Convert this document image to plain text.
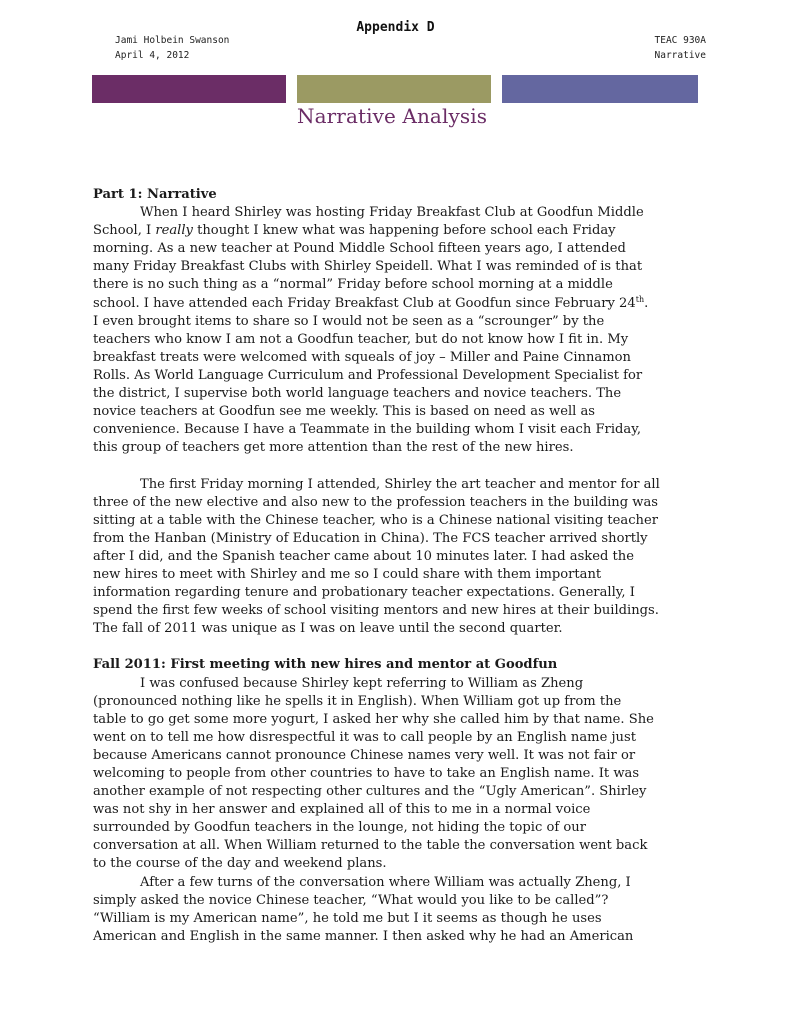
Appendix D
Jami Holbein Swanson
April 4, 2012
TEAC 930A
Narrative
Narrative Analysis
Part 1: Narrative
When I heard Shirley was hosting Friday Breakfast Club at Goodfun Middle
School, I really thought I knew what was happening before school each Friday
morning. As a new teacher at Pound Middle School fifteen years ago, I attended
many Friday Breakfast Clubs with Shirley Speidell. What I was reminded of is that
there is no such thing as a “normal” Friday before school morning at a middle
school. I have attended each Friday Breakfast Club at Goodfun since February 24th.
I even brought items to share so I would not be seen as a “scrounger” by the
teachers who know I am not a Goodfun teacher, but do not know how I fit in. My
breakfast treats were welcomed with squeals of joy – Miller and Paine Cinnamon
Rolls. As World Language Curriculum and Professional Development Specialist for
the district, I supervise both world language teachers and novice teachers. The
novice teachers at Goodfun see me weekly. This is based on need as well as
convenience. Because I have a Teammate in the building whom I visit each Friday,
this group of teachers get more attention than the rest of the new hires.
The first Friday morning I attended, Shirley the art teacher and mentor for all
three of the new elective and also new to the profession teachers in the building was
sitting at a table with the Chinese teacher, who is a Chinese national visiting teacher
from the Hanban (Ministry of Education in China). The FCS teacher arrived shortly
after I did, and the Spanish teacher came about 10 minutes later. I had asked the
new hires to meet with Shirley and me so I could share with them important
information regarding tenure and probationary teacher expectations. Generally, I
spend the first few weeks of school visiting mentors and new hires at their buildings.
The fall of 2011 was unique as I was on leave until the second quarter.
Fall 2011: First meeting with new hires and mentor at Goodfun
I was confused because Shirley kept referring to William as Zheng
(pronounced nothing like he spells it in English). When William got up from the
table to go get some more yogurt, I asked her why she called him by that name. She
went on to tell me how disrespectful it was to call people by an English name just
because Americans cannot pronounce Chinese names very well. It was not fair or
welcoming to people from other countries to have to take an English name. It was
another example of not respecting other cultures and the “Ugly American”. Shirley
was not shy in her answer and explained all of this to me in a normal voice
surrounded by Goodfun teachers in the lounge, not hiding the topic of our
conversation at all. When William returned to the table the conversation went back
to the course of the day and weekend plans.
After a few turns of the conversation where William was actually Zheng, I
simply asked the novice Chinese teacher, “What would you like to be called”?
“William is my American name”, he told me but I it seems as though he uses
American and English in the same manner. I then asked why he had an American
